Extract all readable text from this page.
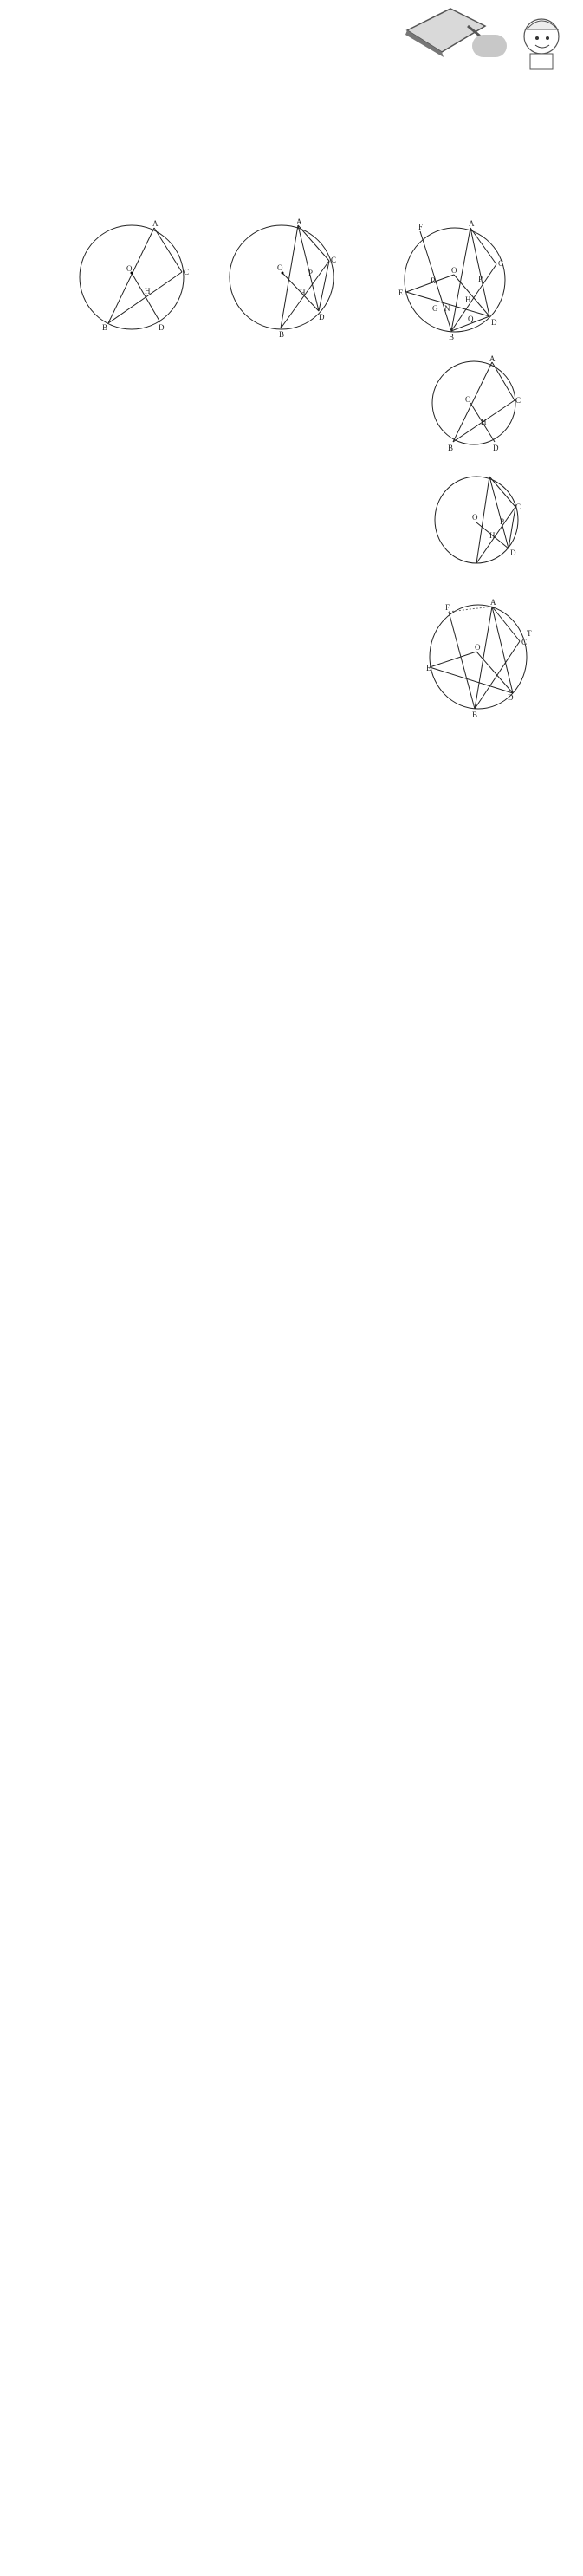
A
C
O
H
B	D
A
C
O
P
H
D
B
F	A
C
O
R
E
P
H
G N
Q D
B
A
C
O
H
B	D
C
O	P
H
D
F
A
T
C
O
E
D
B
